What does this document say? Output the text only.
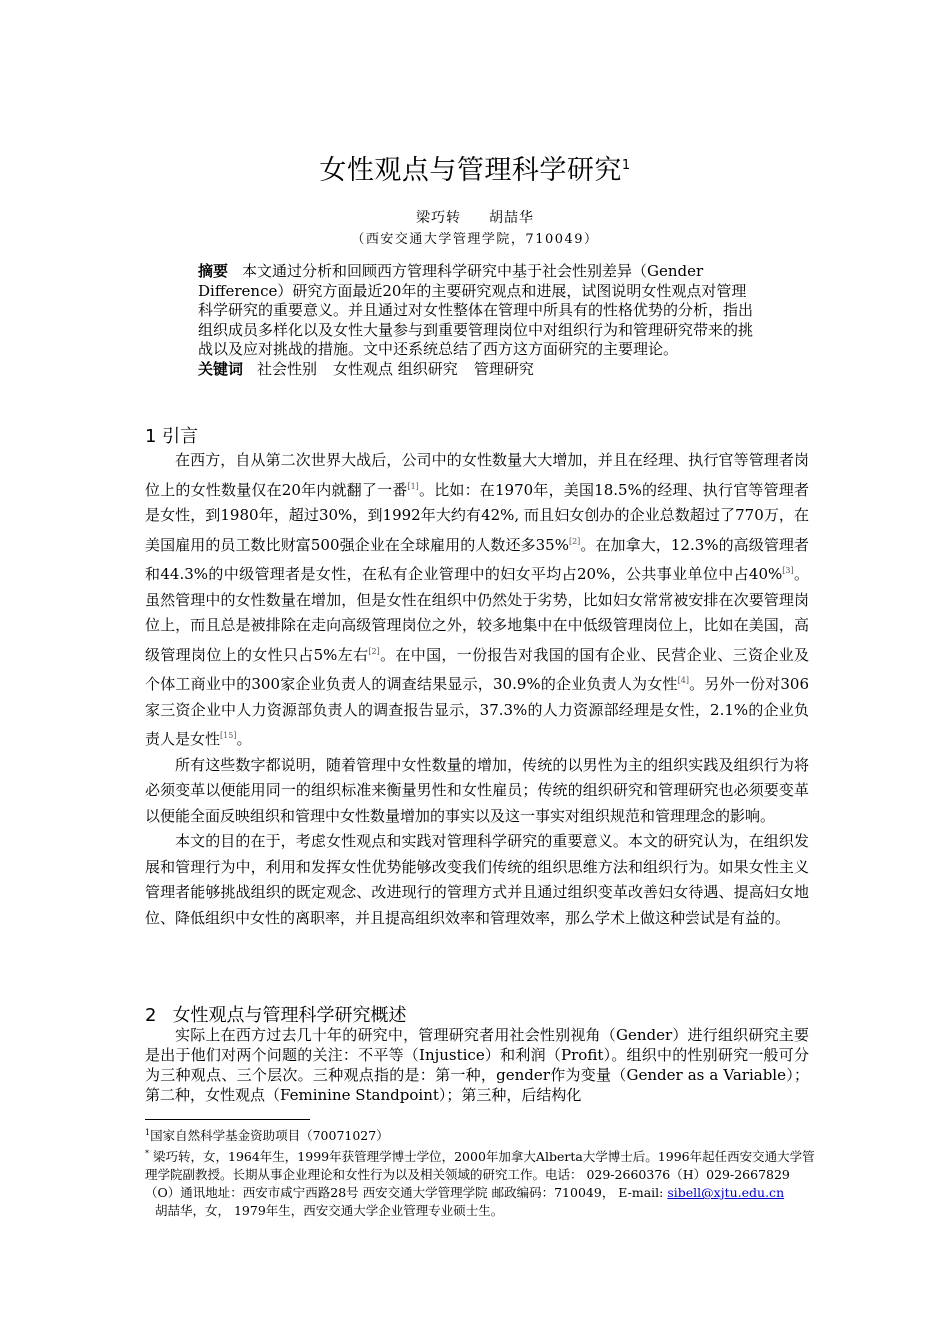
女性观点与管理科学研究$^1$
梁巧转 胡喆华
（西安交通大学管理学院，710049）
摘要 本文通过分析和回顾西方管理科学研究中基于社会性别差异（Gender Difference）研究方面最近20年的主要研究观点和进展，试图说明女性观点对管理科学研究的重要意义。并且通过对女性整体在管理中所具有的性格优势的分析，指出组织成员多样化以及女性大量参与到重要管理岗位中对组织行为和管理研究带来的挑战以及应对挑战的措施。文中还系统总结了西方这方面研究的主要理论。
关键词 社会性别 女性观点 组织研究 管理研究
1 引言

在西方，自从第二次世界大战后，公司中的女性数量大大增加，并且在经理、执行官等管理者岗位上的女性数量仅在20年内就翻了一番[1]。比如：在1970年，美国18.5%的经理、执行官等管理者是女性，到1980年，超过30%，到1992年大约有42%, 而且妇女创办的企业总数超过了770万，在美国雇用的员工数比财富500强企业在全球雇用的人数还多35%[2]。在加拿大，12.3%的高级管理者和44.3%的中级管理者是女性，在私有企业管理中的妇女平均占20%，公共事业单位中占40%[3]。虽然管理中的女性数量在增加，但是女性在组织中仍然处于劣势，比如妇女常常被安排在次要管理岗位上，而且总是被排除在走向高级管理岗位之外，较多地集中在中低级管理岗位上，比如在美国，高级管理岗位上的女性只占5%左右[2]。在中国，一份报告对我国的国有企业、民营企业、三资企业及个体工商业中的300家企业负责人的调查结果显示，30.9%的企业负责人为女性[4]。另外一份对306家三资企业中人力资源部负责人的调查报告显示，37.3%的人力资源部经理是女性，2.1%的企业负责人是女性[15]。

所有这些数字都说明，随着管理中女性数量的增加，传统的以男性为主的组织实践及组织行为将必须变革以便能用同一的组织标准来衡量男性和女性雇员；传统的组织研究和管理研究也必须要变革以便能全面反映组织和管理中女性数量增加的事实以及这一事实对组织规范和管理理念的影响。

本文的目的在于，考虑女性观点和实践对管理科学研究的重要意义。本文的研究认为，在组织发展和管理行为中，利用和发挥女性优势能够改变我们传统的组织思维方法和组织行为。如果女性主义管理者能够挑战组织的既定观念、改进现行的管理方式并且通过组织变革改善妇女待遇、提高妇女地位、降低组织中女性的离职率，并且提高组织效率和管理效率，那么学术上做这种尝试是有益的。

2 女性观点与管理科学研究概述

实际上在西方过去几十年的研究中，管理研究者用社会性别视角（Gender）进行组织研究主要是出于他们对两个问题的关注：不平等（Injustice）和利润（Profit）。组织中的性别研究一般可分为三种观点、三个层次。三种观点指的是：第一种，gender作为变量（Gender as a Variable）；第二种，女性观点（Feminine Standpoint）；第三种，后结构化

$^1$国家自然科学基金资助项目（70071027）

* 梁巧转，女，1964年生，1999年获管理学博士学位，2000年加拿大Alberta大学博士后。1996年起任西安交通大学管理学院副教授。长期从事企业理论和女性行为以及相关领域的研究工作。电话： 029-2660376（H）029-2667829（O）通讯地址：西安市咸宁西路28号 西安交通大学管理学院 邮政编码：710049， E-mail: sibell@xjtu.edu.cn

胡喆华，女， 1979年生，西安交通大学企业管理专业硕士生。
